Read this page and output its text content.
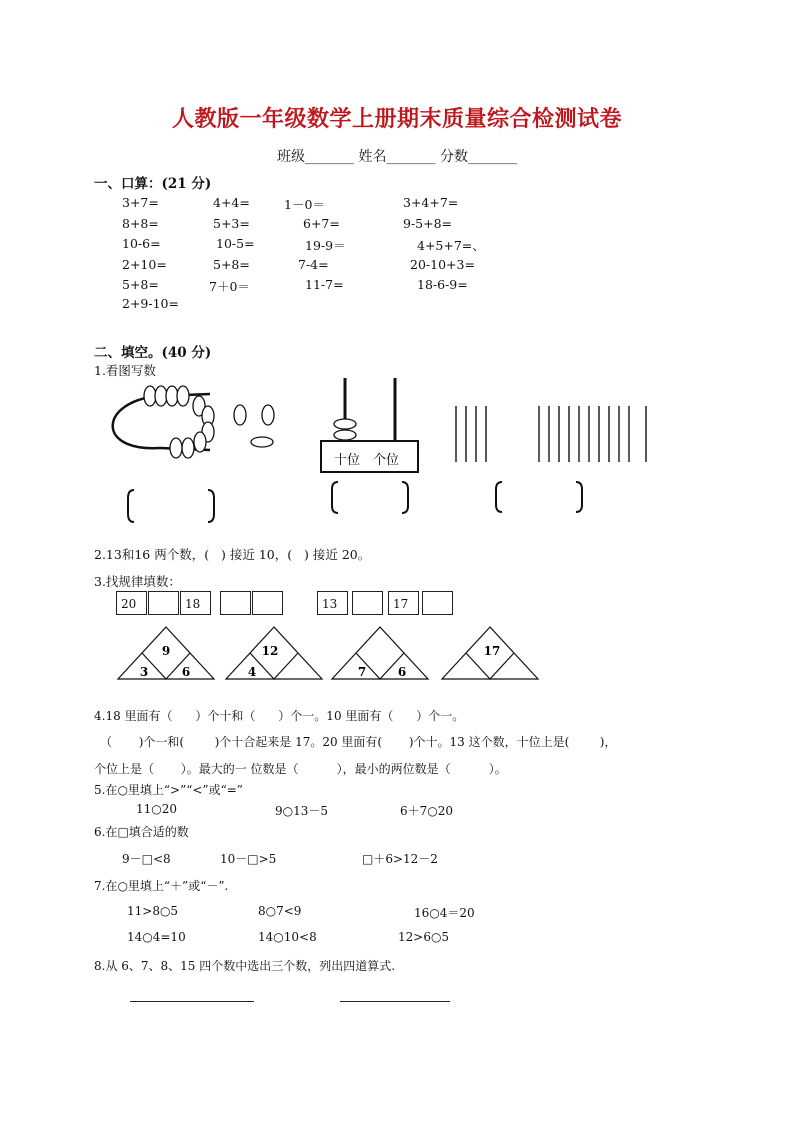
人教版一年级数学上册期末质量综合检测试卷
班级_______ 姓名_______ 分数_______
一、口算：(21 分)
3+7=	4+4=	1－0＝	3+4+7=
8+8=	5+3=	6+7=	9-5+8=
10-6=	10-5=	19-9＝	4+5+7=、
2+10=	5+8=	7-4=	20-10+3=
5+8=	7＋0＝	11-7=	18-6-9=
2+9-10=
二、填空。(40 分)
1.看图写数
十位 个位
2.13和16 两个数，(   ) 接近 10，(   ) 接近 20。
3.找规律填数：
20	18	13	17
9
3	6
12
4	7	6
17
4.18 里面有（      ）个十和（      ）个一。10 里面有（      ）个一。
（       )个一和(        )个十合起来是 17。20 里面有(       )个十。13 这个数，十位上是(        )，
个位上是（       ）。最大的一 位数是（          ），最小的两位数是（          ）。
5.在○里填上“>”“<”或“=”
11○20	9○13－5	6＋7○20
6.在□填合适的数
9－□<8	10－□>5	□＋6>12－2
7.在○里填上“＋”或“－”.
11>8○5	8○7<9	16○4＝20
14○4=10	14○10<8	12>6○5
8.从 6、7、8、15 四个数中选出三个数，列出四道算式.
